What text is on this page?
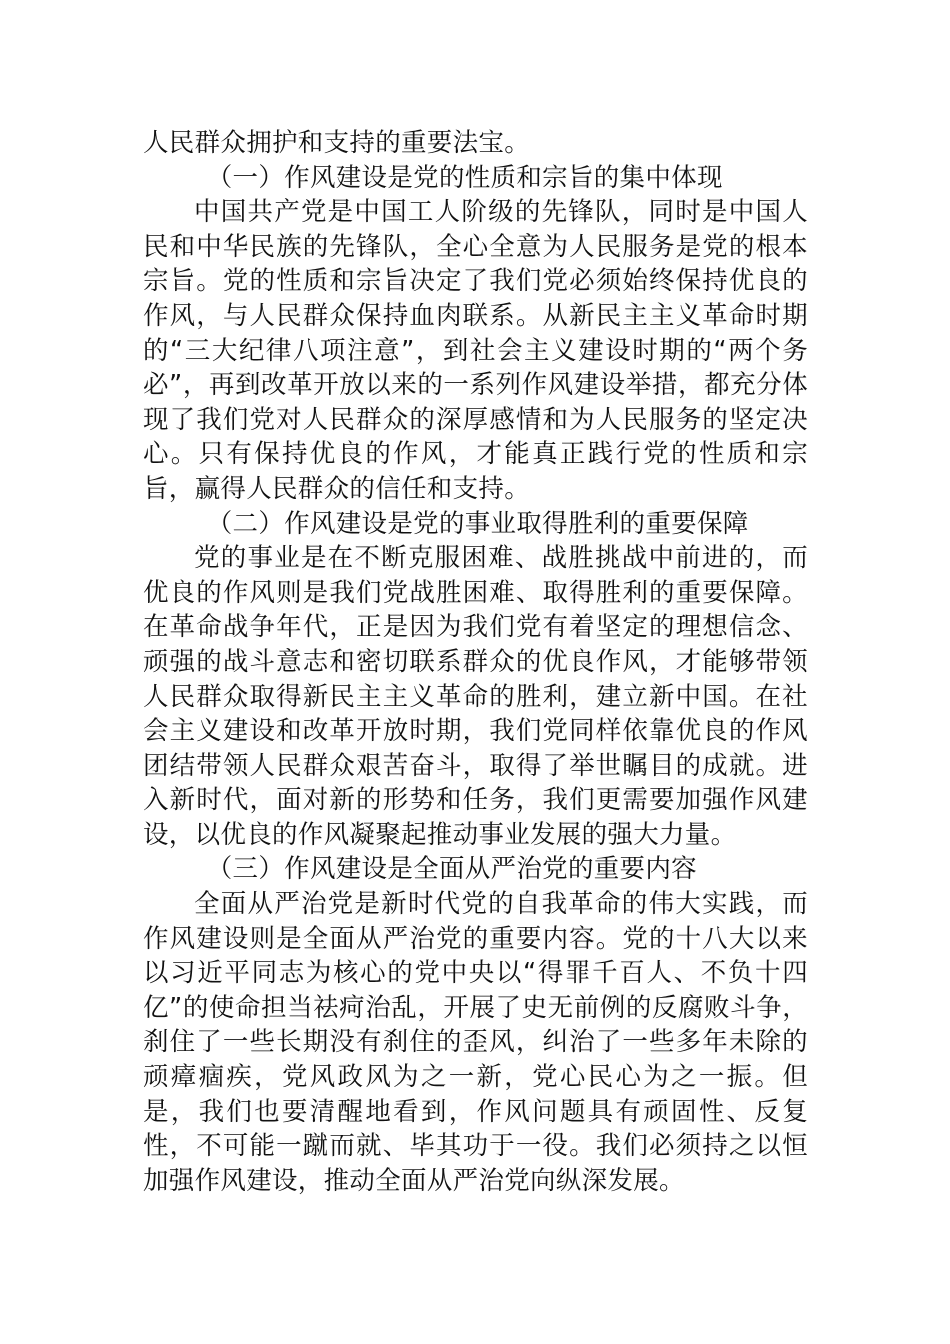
人民群众拥护和支持的重要法宝。

（一）作风建设是党的性质和宗旨的集中体现

中国共产党是中国工人阶级的先锋队，同时是中国人民和中华民族的先锋队，全心全意为人民服务是党的根本宗旨。党的性质和宗旨决定了我们党必须始终保持优良的作风，与人民群众保持血肉联系。从新民主主义革命时期的“三大纪律八项注意”，到社会主义建设时期的“两个务必”，再到改革开放以来的一系列作风建设举措，都充分体现了我们党对人民群众的深厚感情和为人民服务的坚定决心。只有保持优良的作风，才能真正践行党的性质和宗旨，赢得人民群众的信任和支持。

（二）作风建设是党的事业取得胜利的重要保障

党的事业是在不断克服困难、战胜挑战中前进的，而优良的作风则是我们党战胜困难、取得胜利的重要保障。在革命战争年代，正是因为我们党有着坚定的理想信念、顽强的战斗意志和密切联系群众的优良作风，才能够带领人民群众取得新民主主义革命的胜利，建立新中国。在社会主义建设和改革开放时期，我们党同样依靠优良的作风团结带领人民群众艰苦奋斗，取得了举世瞩目的成就。进入新时代，面对新的形势和任务，我们更需要加强作风建设，以优良的作风凝聚起推动事业发展的强大力量。

（三）作风建设是全面从严治党的重要内容

全面从严治党是新时代党的自我革命的伟大实践，而作风建设则是全面从严治党的重要内容。党的十八大以来以习近平同志为核心的党中央以“得罪千百人、不负十四亿”的使命担当祛疴治乱，开展了史无前例的反腐败斗争，刹住了一些长期没有刹住的歪风，纠治了一些多年未除的顽瘴痼疾，党风政风为之一新，党心民心为之一振。但是，我们也要清醒地看到，作风问题具有顽固性、反复性，不可能一蹴而就、毕其功于一役。我们必须持之以恒加强作风建设，推动全面从严治党向纵深发展。
